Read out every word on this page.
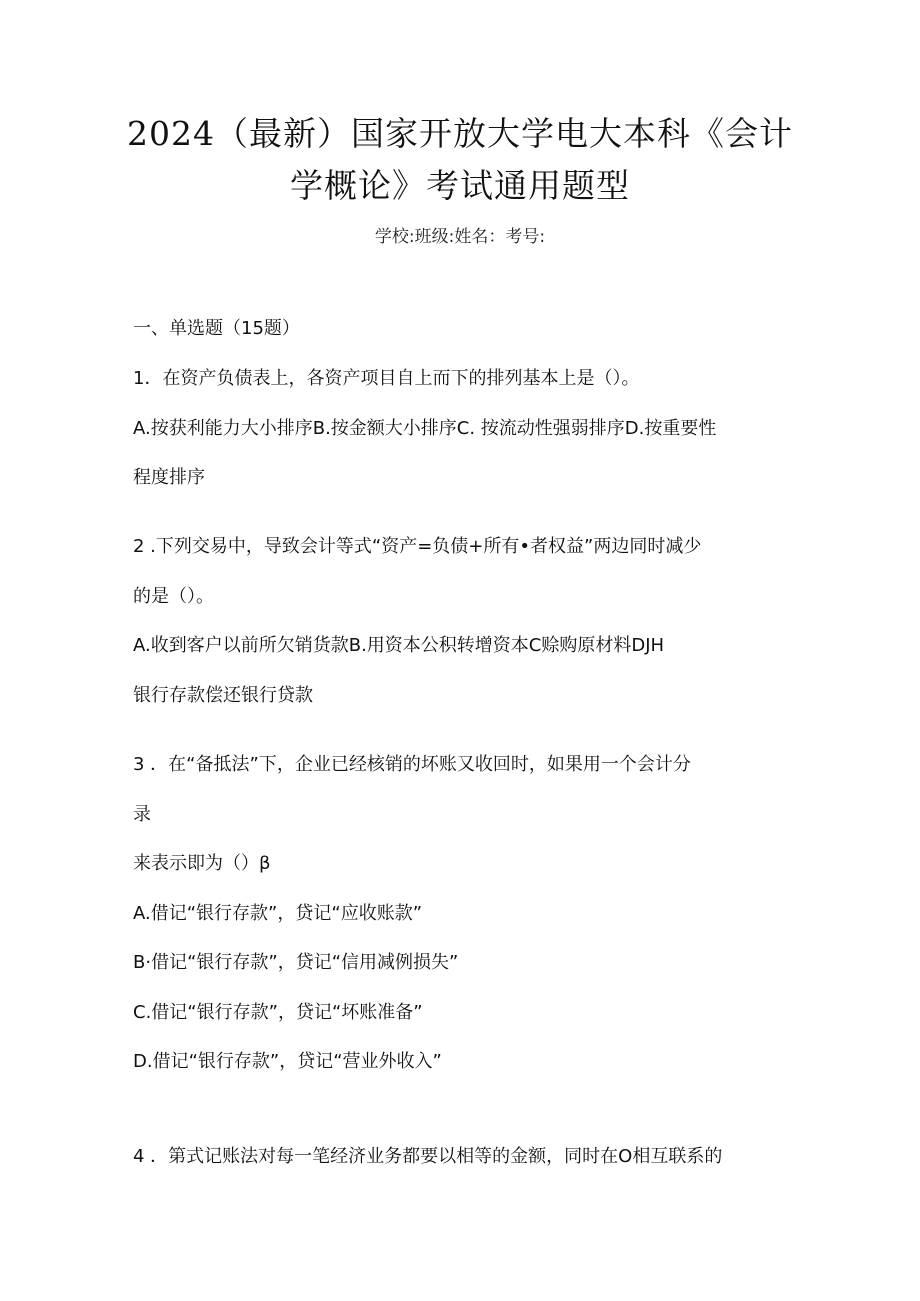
2024（最新）国家开放大学电大本科《会计
学概论》考试通用题型
学校:班级:姓名：考号:
一、单选题（15题）
1．在资产负债表上，各资产项目自上而下的排列基本上是（）。
A.按获利能力大小排序B.按金额大小排序C. 按流动性强弱排序D.按重要性
程度排序
2 .下列交易中，导致会计等式“资产=负债+所有•者权益”两边同时减少
的是（）。
A.收到客户以前所欠销货款B.用资本公积转增资本C赊购原材料DJH
银行存款偿还银行贷款
3 ．在“备抵法”下，企业已经核销的坏账又收回时，如果用一个会计分
录
来表示即为（）β
A.借记“银行存款”，贷记“应收账款”
B·借记“银行存款”，贷记“信用减例损失”
C.借记“银行存款”，贷记“坏账准备”
D.借记“银行存款”，贷记“营业外收入”
4 ．第式记账法对每一笔经济业务都要以相等的金额，同时在O相互联系的
